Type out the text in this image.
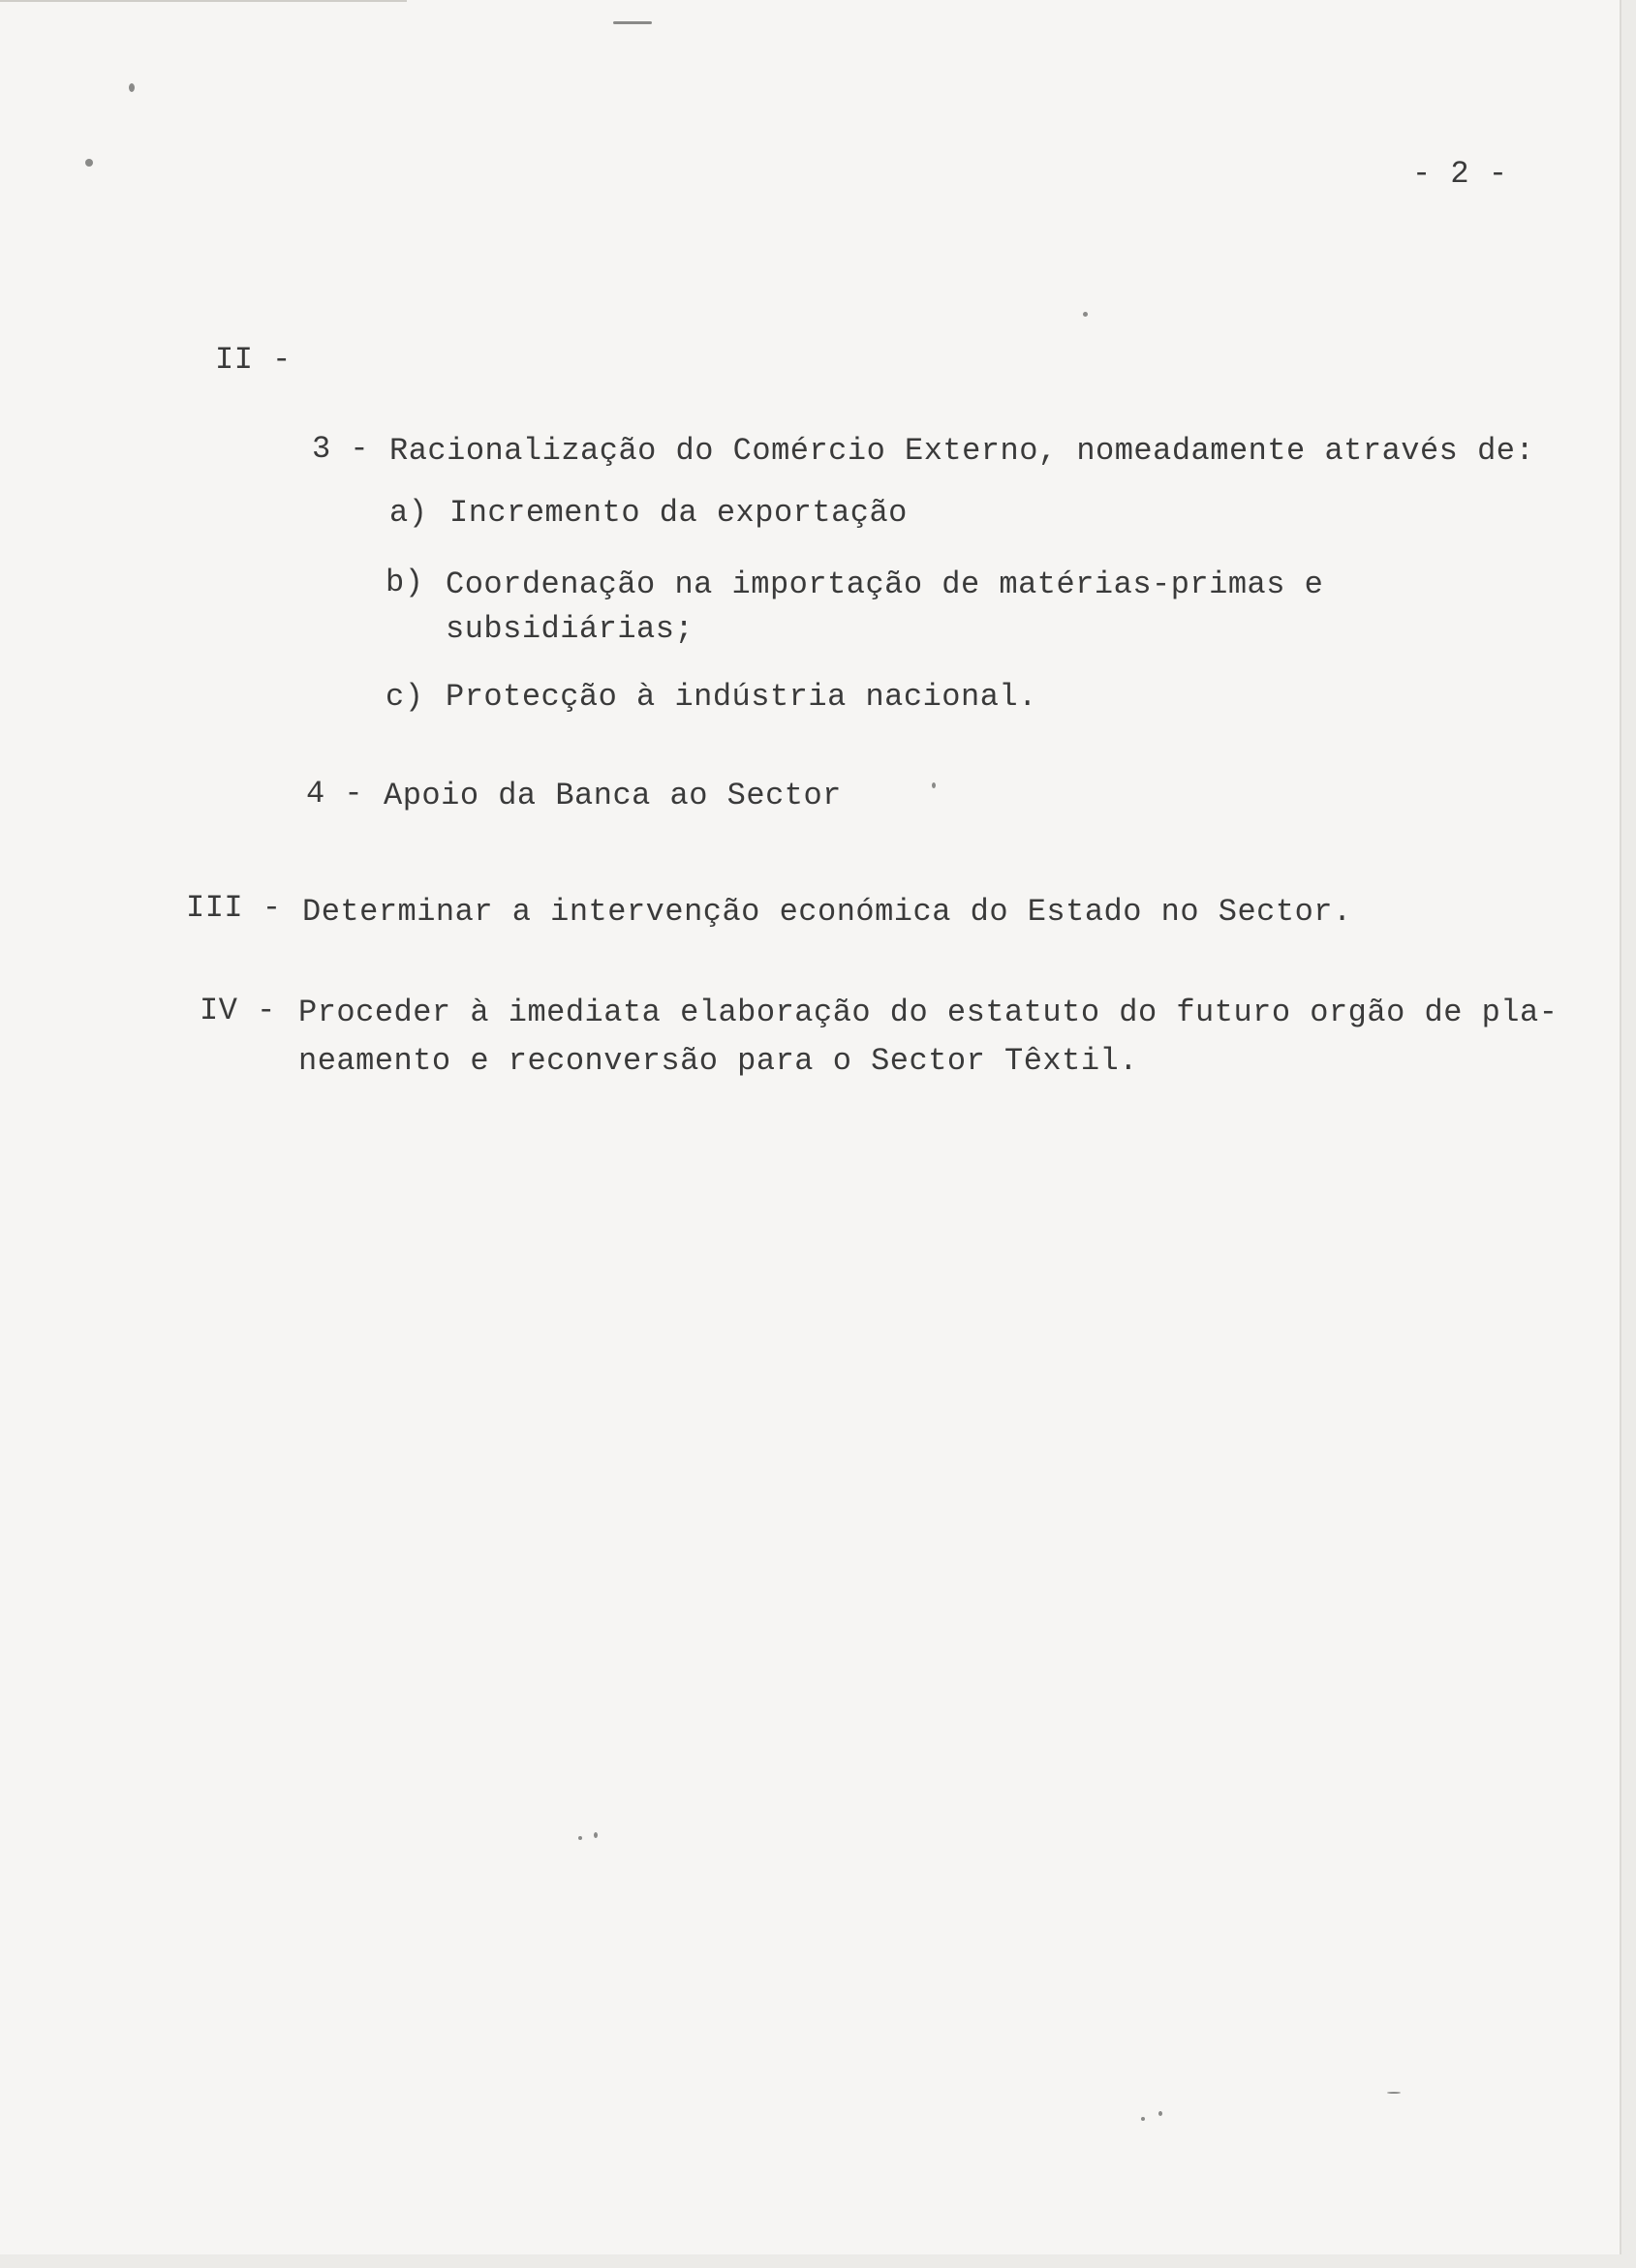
- 2 -
II -
3 - Racionalização do Comércio Externo, nomeadamente através de:
a) Incremento da exportação
b) Coordenação na importação de matérias-primas e
subsidiárias;
c) Protecção à indústria nacional.
4 - Apoio da Banca ao Sector
III - Determinar a intervenção económica do Estado no Sector.
IV - Proceder à imediata elaboração do estatuto do futuro orgão de pla-
neamento e reconversão para o Sector Têxtil.
